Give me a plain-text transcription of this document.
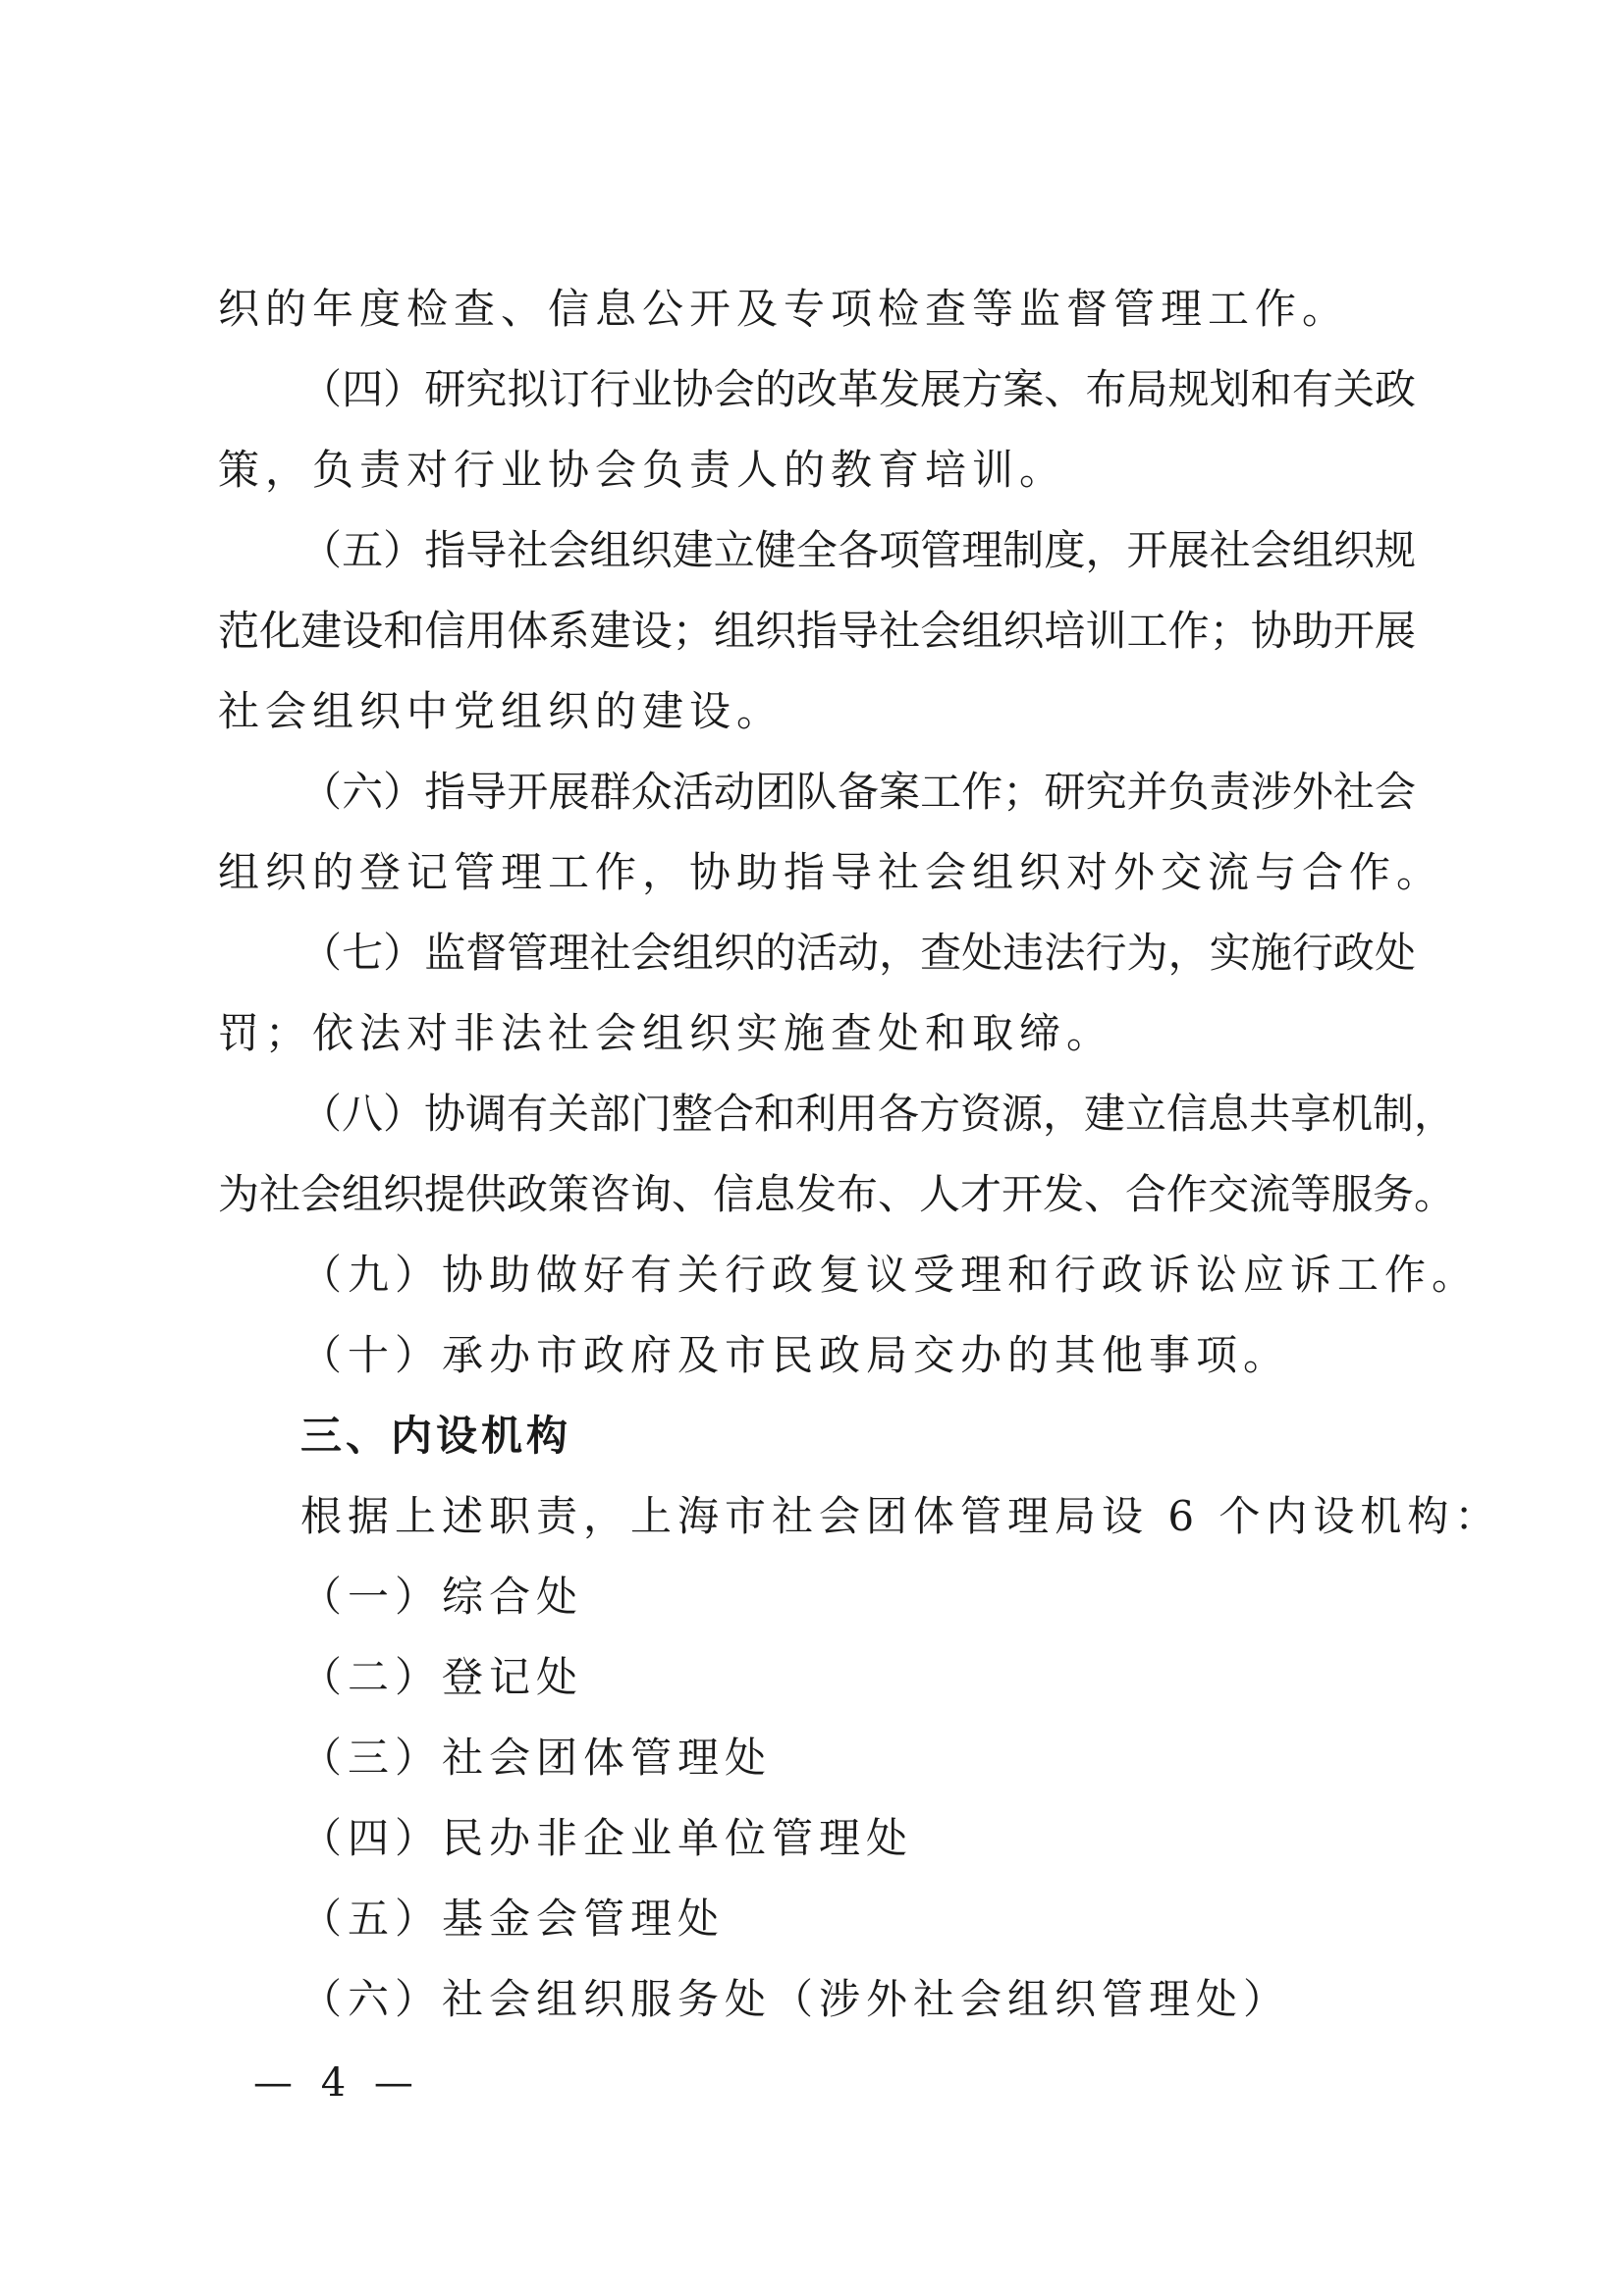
织的年度检查、信息公开及专项检查等监督管理工作。
（四）研究拟订行业协会的改革发展方案、布局规划和有关政
策，负责对行业协会负责人的教育培训。
（五）指导社会组织建立健全各项管理制度，开展社会组织规
范化建设和信用体系建设；组织指导社会组织培训工作；协助开展
社会组织中党组织的建设。
（六）指导开展群众活动团队备案工作；研究并负责涉外社会
组织的登记管理工作，协助指导社会组织对外交流与合作。
（七）监督管理社会组织的活动，查处违法行为，实施行政处
罚；依法对非法社会组织实施查处和取缔。
（八）协调有关部门整合和利用各方资源，建立信息共享机制，
为社会组织提供政策咨询、信息发布、人才开发、合作交流等服务。
（九）协助做好有关行政复议受理和行政诉讼应诉工作。
（十）承办市政府及市民政局交办的其他事项。
三、内设机构
根据上述职责，上海市社会团体管理局设 6 个内设机构：
（一）综合处
（二）登记处
（三）社会团体管理处
（四）民办非企业单位管理处
（五）基金会管理处
（六）社会组织服务处（涉外社会组织管理处）
— 4 —
